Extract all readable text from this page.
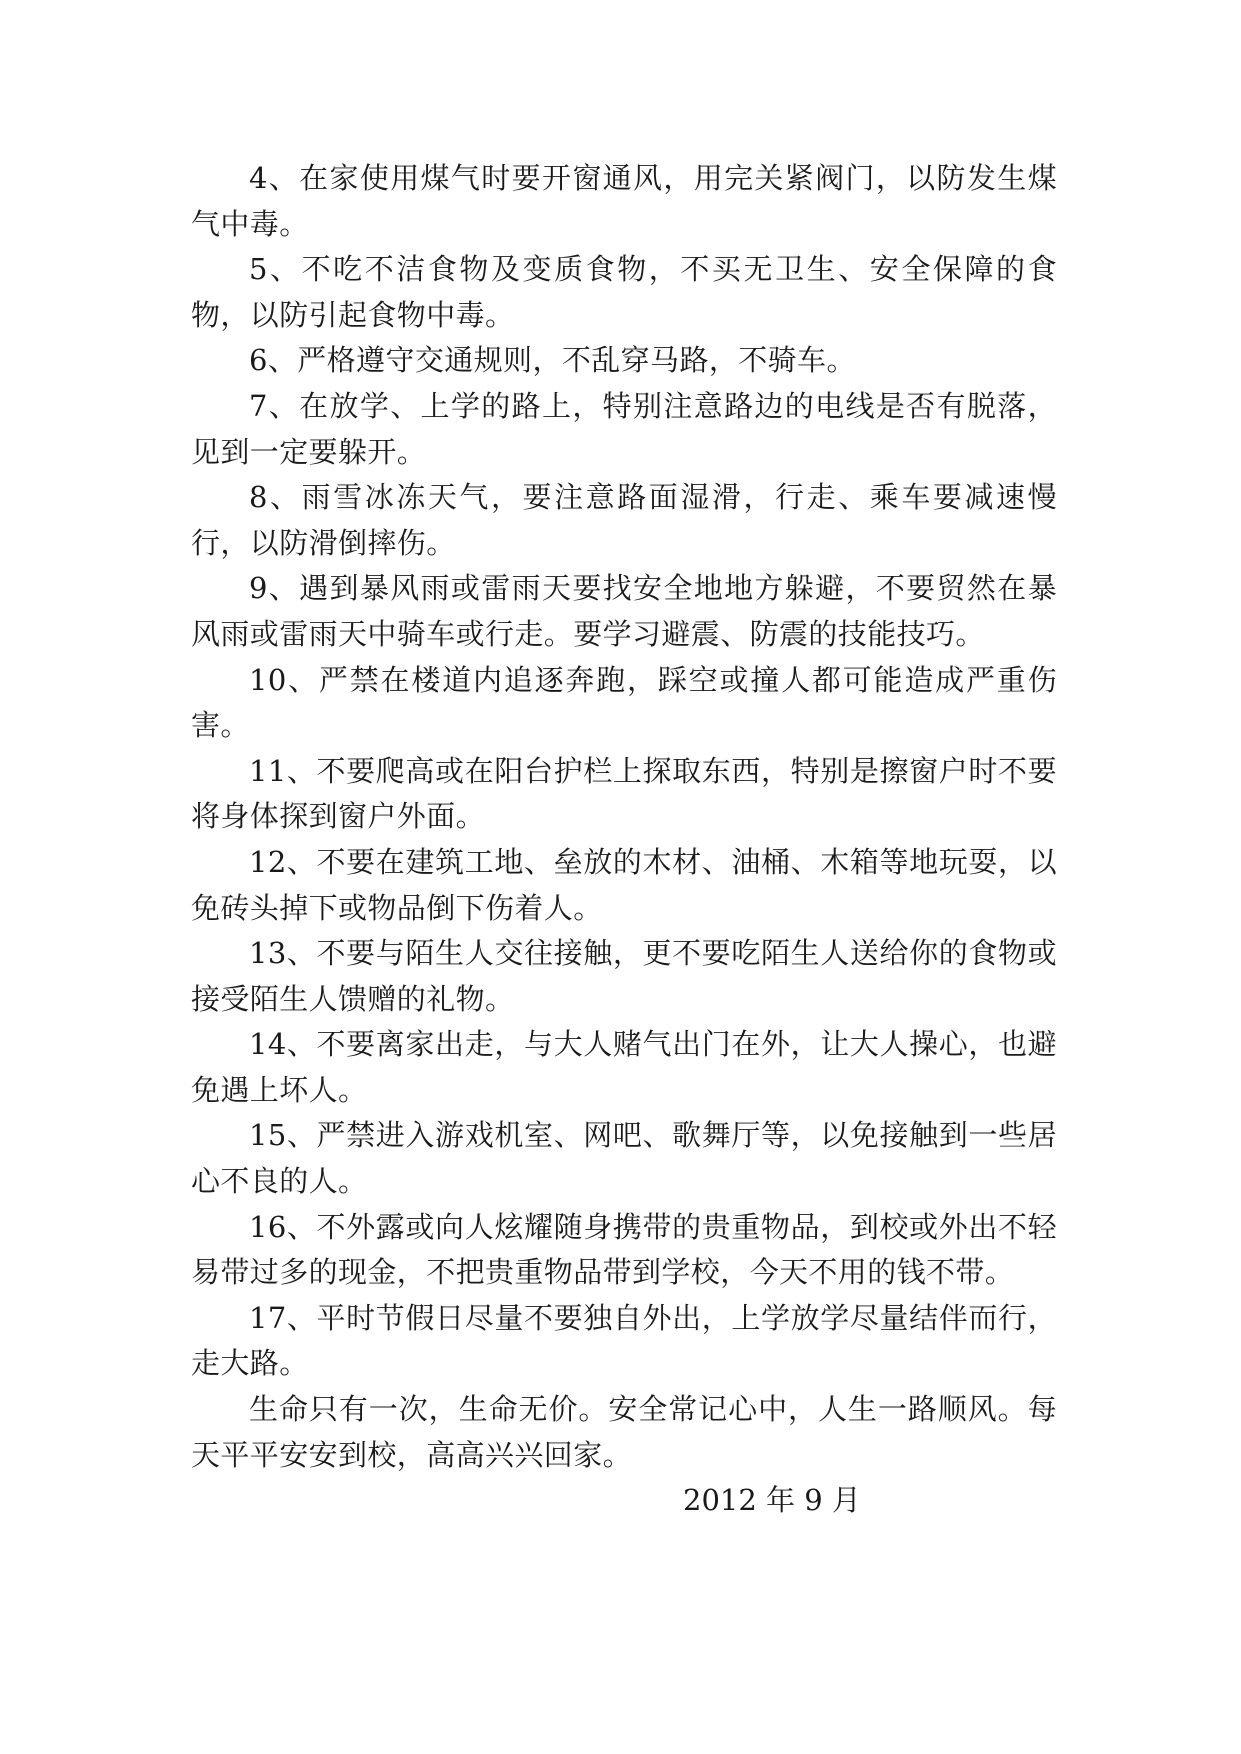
4、在家使用煤气时要开窗通风，用完关紧阀门，以防发生煤气中毒。

5、不吃不洁食物及变质食物，不买无卫生、安全保障的食物，以防引起食物中毒。

6、严格遵守交通规则，不乱穿马路，不骑车。

7、在放学、上学的路上，特别注意路边的电线是否有脱落，见到一定要躲开。

8、雨雪冰冻天气，要注意路面湿滑，行走、乘车要减速慢行，以防滑倒摔伤。

9、遇到暴风雨或雷雨天要找安全地地方躲避，不要贸然在暴风雨或雷雨天中骑车或行走。要学习避震、防震的技能技巧。

10、严禁在楼道内追逐奔跑，踩空或撞人都可能造成严重伤害。

11、不要爬高或在阳台护栏上探取东西，特别是擦窗户时不要将身体探到窗户外面。

12、不要在建筑工地、垒放的木材、油桶、木箱等地玩耍，以免砖头掉下或物品倒下伤着人。

13、不要与陌生人交往接触，更不要吃陌生人送给你的食物或接受陌生人馈赠的礼物。

14、不要离家出走，与大人赌气出门在外，让大人操心，也避免遇上坏人。

15、严禁进入游戏机室、网吧、歌舞厅等，以免接触到一些居心不良的人。

16、不外露或向人炫耀随身携带的贵重物品，到校或外出不轻易带过多的现金，不把贵重物品带到学校，今天不用的钱不带。

17、平时节假日尽量不要独自外出，上学放学尽量结伴而行，走大路。

生命只有一次，生命无价。安全常记心中，人生一路顺风。每天平平安安到校，高高兴兴回家。

2012 年 9 月
